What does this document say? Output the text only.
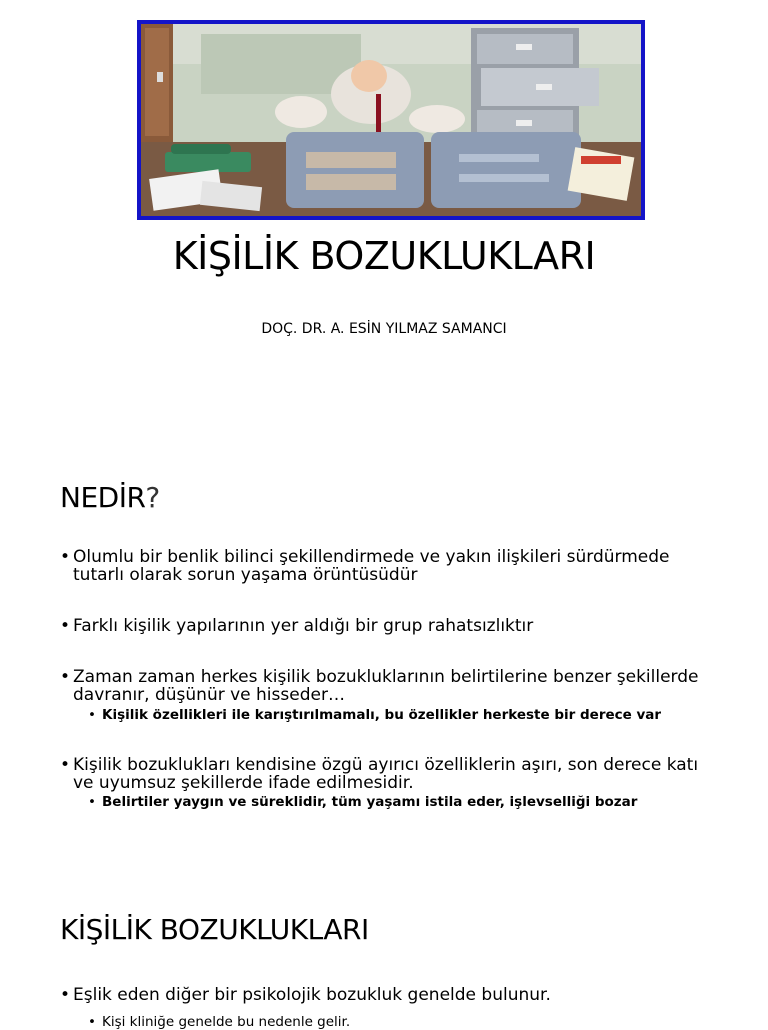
KİŞİLİK BOZUKLUKLARI
DOÇ. DR. A. ESİN YILMAZ SAMANCI
NEDİR?
• Olumlu bir benlik bilinci şekillendirmede ve yakın ilişkileri sürdürmede tutarlı olarak sorun yaşama örüntüsüdür
• Farklı kişilik yapılarının yer aldığı bir grup rahatsızlıktır
• Zaman zaman herkes kişilik bozukluklarının belirtilerine benzer şekillerde davranır, düşünür ve hisseder…
• Kişilik özellikleri ile karıştırılmamalı, bu özellikler herkeste bir derece var
• Kişilik bozuklukları kendisine özgü ayırıcı özelliklerin aşırı, son derece katı ve uyumsuz şekillerde ifade edilmesidir.
• Belirtiler yaygın ve süreklidir, tüm yaşamı istila eder, işlevselliği bozar
KİŞİLİK BOZUKLUKLARI
• Eşlik eden diğer bir psikolojik bozukluk genelde bulunur.
• Kişi kliniğe genelde bu nedenle gelir.
